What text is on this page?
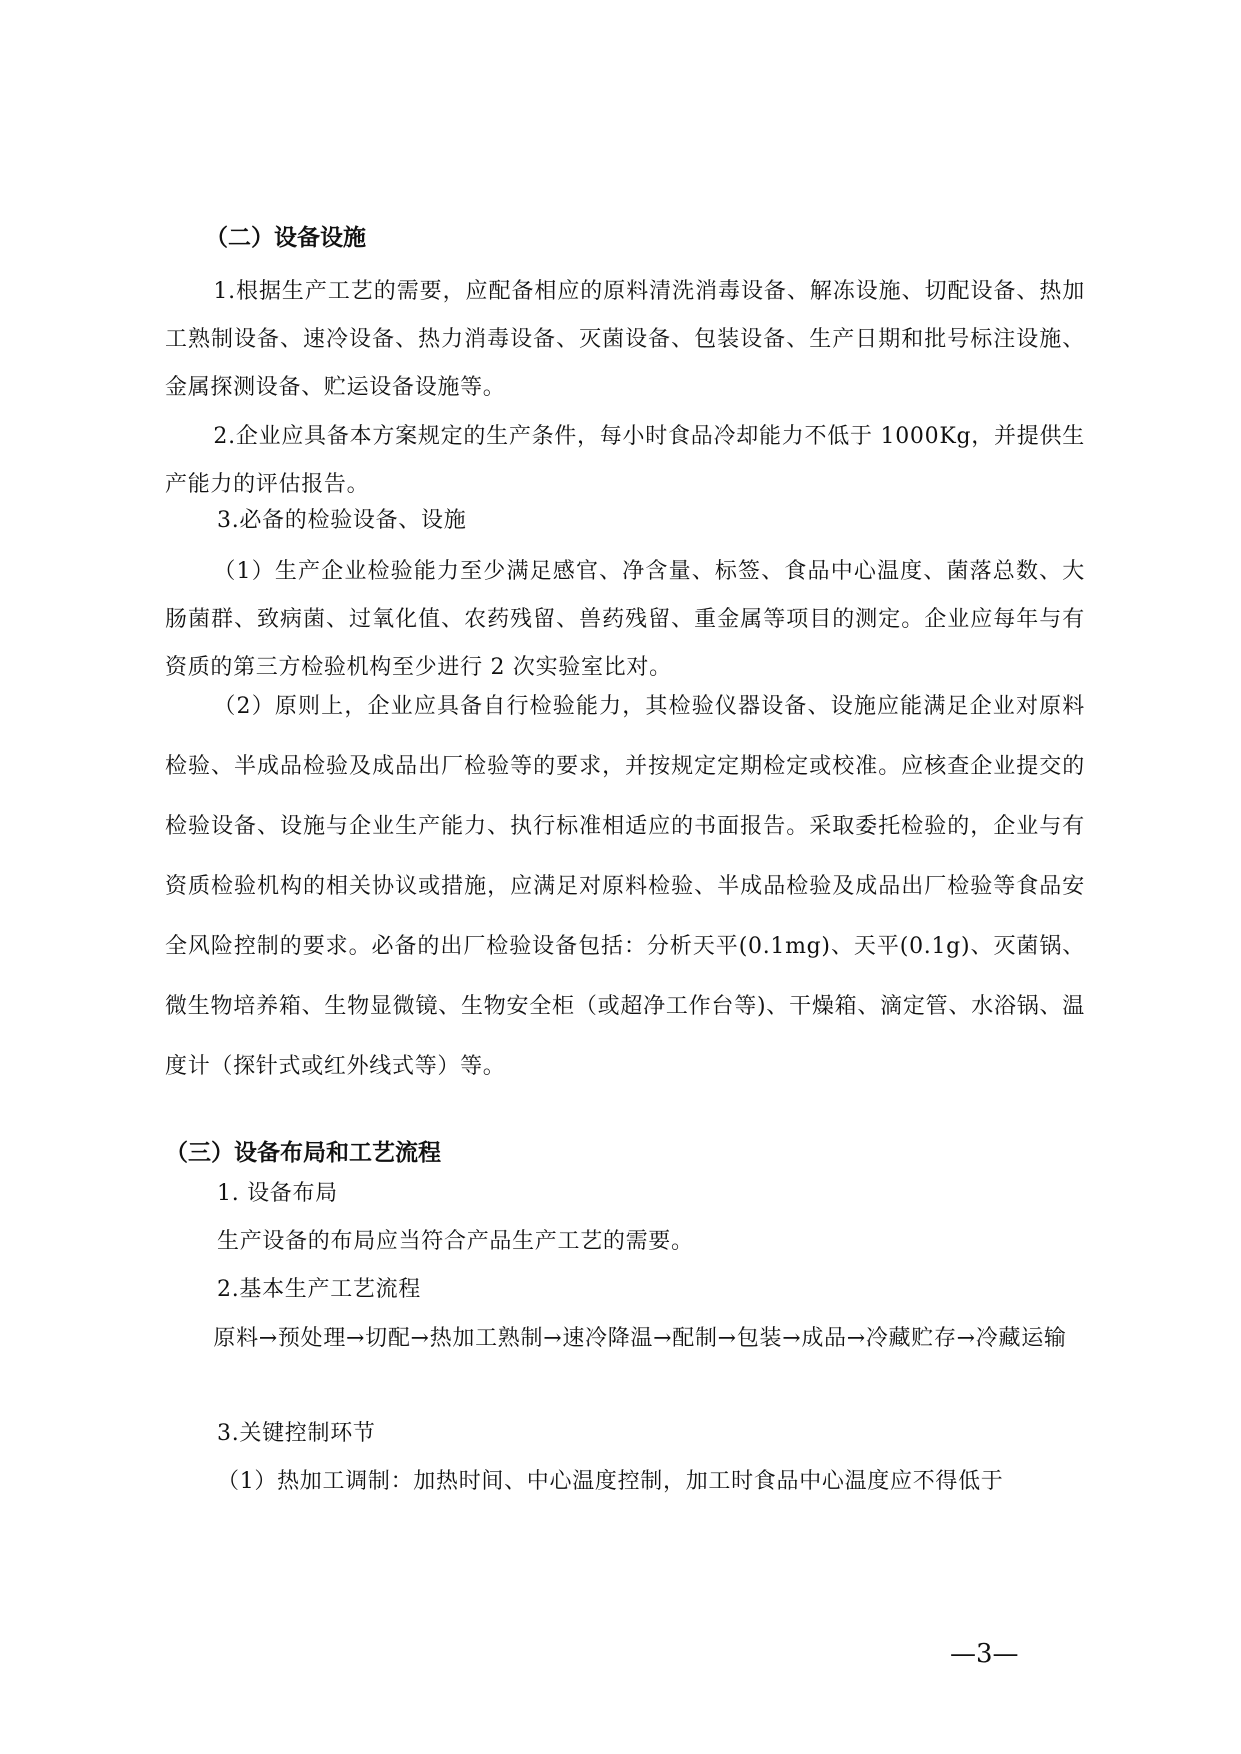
（二）设备设施
1.根据生产工艺的需要，应配备相应的原料清洗消毒设备、解冻设施、切配设备、热加工熟制设备、速冷设备、热力消毒设备、灭菌设备、包装设备、生产日期和批号标注设施、金属探测设备、贮运设备设施等。
2.企业应具备本方案规定的生产条件，每小时食品冷却能力不低于 1000Kg，并提供生产能力的评估报告。
3.必备的检验设备、设施
（1）生产企业检验能力至少满足感官、净含量、标签、食品中心温度、菌落总数、大肠菌群、致病菌、过氧化值、农药残留、兽药残留、重金属等项目的测定。企业应每年与有资质的第三方检验机构至少进行 2 次实验室比对。
（2）原则上，企业应具备自行检验能力，其检验仪器设备、设施应能满足企业对原料检验、半成品检验及成品出厂检验等的要求，并按规定定期检定或校准。应核查企业提交的检验设备、设施与企业生产能力、执行标准相适应的书面报告。采取委托检验的，企业与有资质检验机构的相关协议或措施，应满足对原料检验、半成品检验及成品出厂检验等食品安全风险控制的要求。必备的出厂检验设备包括：分析天平(0.1mg)、天平(0.1g)、灭菌锅、微生物培养箱、生物显微镜、生物安全柜（或超净工作台等)、干燥箱、滴定管、水浴锅、温度计（探针式或红外线式等）等。
（三）设备布局和工艺流程
1. 设备布局
生产设备的布局应当符合产品生产工艺的需要。
2.基本生产工艺流程
原料→预处理→切配→热加工熟制→速冷降温→配制→包装→成品→冷藏贮存→冷藏运输
3.关键控制环节
（1）热加工调制：加热时间、中心温度控制，加工时食品中心温度应不得低于
—3—
